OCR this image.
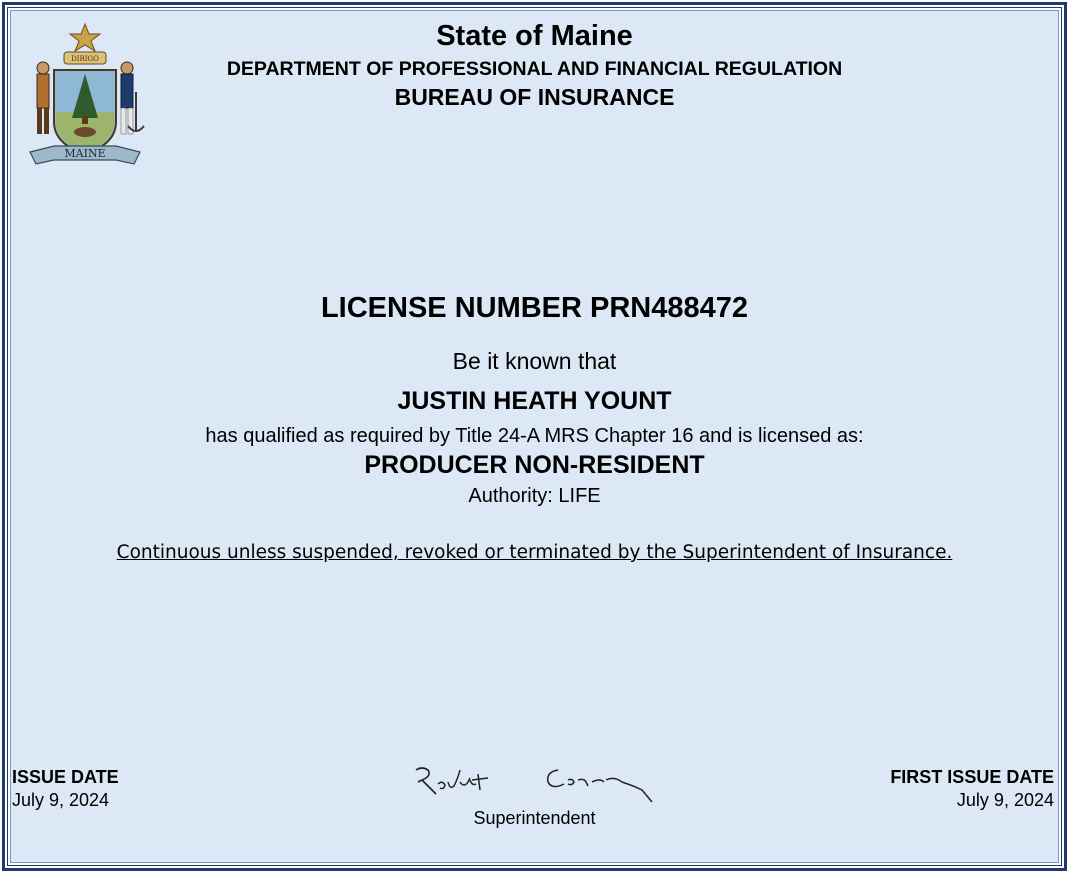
DIRIGO
MAINE
State of Maine
DEPARTMENT OF PROFESSIONAL AND FINANCIAL REGULATION
BUREAU OF INSURANCE
LICENSE NUMBER PRN488472
Be it known that
JUSTIN HEATH YOUNT
has qualified as required by Title 24-A MRS Chapter 16 and is licensed as:
PRODUCER NON-RESIDENT
Authority: LIFE
Continuous unless suspended, revoked or terminated by the Superintendent of Insurance.
ISSUE DATE
July 9, 2024
Superintendent
FIRST ISSUE DATE
July 9, 2024
